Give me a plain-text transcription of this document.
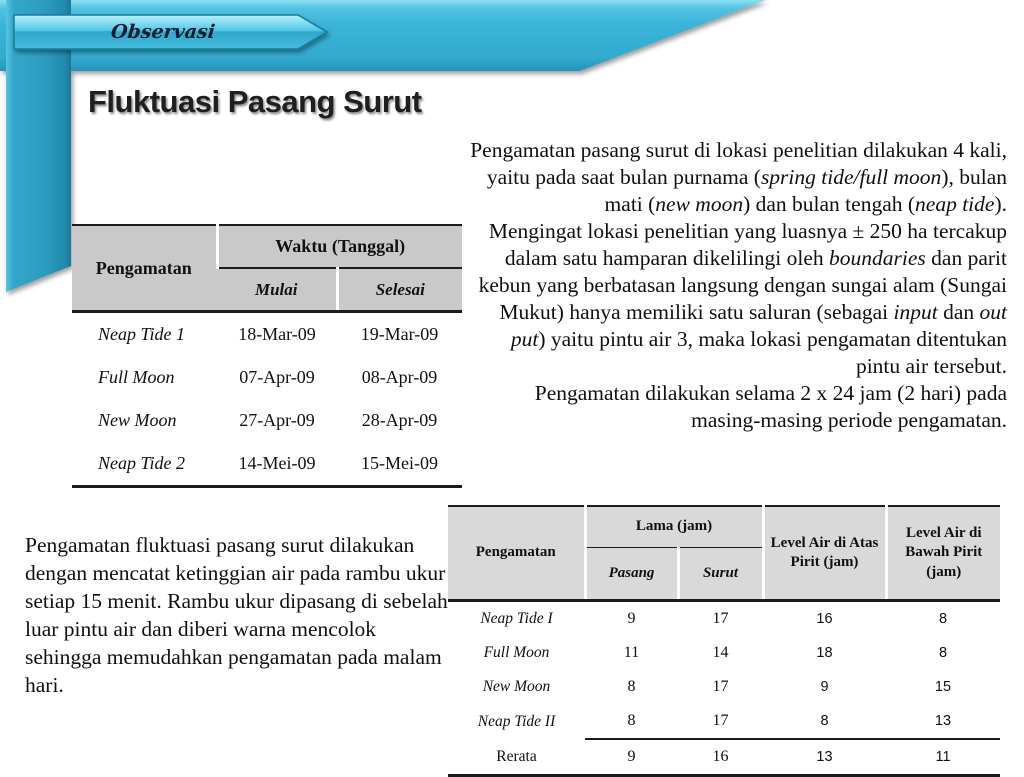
Observasi
Fluktuasi Pasang Surut
Pengamatan pasang surut di lokasi penelitian dilakukan 4 kali, yaitu pada saat bulan purnama (spring tide/full moon), bulan mati (new moon) dan bulan tengah (neap tide).
Mengingat lokasi penelitian yang luasnya ± 250 ha tercakup dalam satu hamparan dikelilingi oleh boundaries dan parit kebun yang berbatasan langsung dengan sungai alam (Sungai Mukut) hanya memiliki satu saluran (sebagai input dan out put) yaitu pintu air 3, maka lokasi pengamatan ditentukan pintu air tersebut.
Pengamatan dilakukan selama 2 x 24 jam (2 hari) pada masing-masing periode pengamatan.
Pengamatan fluktuasi pasang surut dilakukan dengan mencatat ketinggian air pada rambu ukur setiap 15 menit. Rambu ukur dipasang di sebelah luar pintu air dan diberi warna mencolok sehingga memudahkan pengamatan pada malam hari.
Pengamatan	Waktu (Tanggal)	
	Mulai	Selesai
Neap Tide 1	18-Mar-09	19-Mar-09
Full Moon	07-Apr-09	08-Apr-09
New Moon	27-Apr-09	28-Apr-09
Neap Tide 2	14-Mei-09	15-Mei-09
Pengamatan	Lama (jam)		Level Air di Atas Pirit (jam)	Level Air di Bawah Pirit (jam)
	Pasang	Surut		
Neap Tide I	9	17	16	8
Full Moon	11	14	18	8
New Moon	8	17	9	15
Neap Tide II	8	17	8	13
Rerata	9	16	13	11
